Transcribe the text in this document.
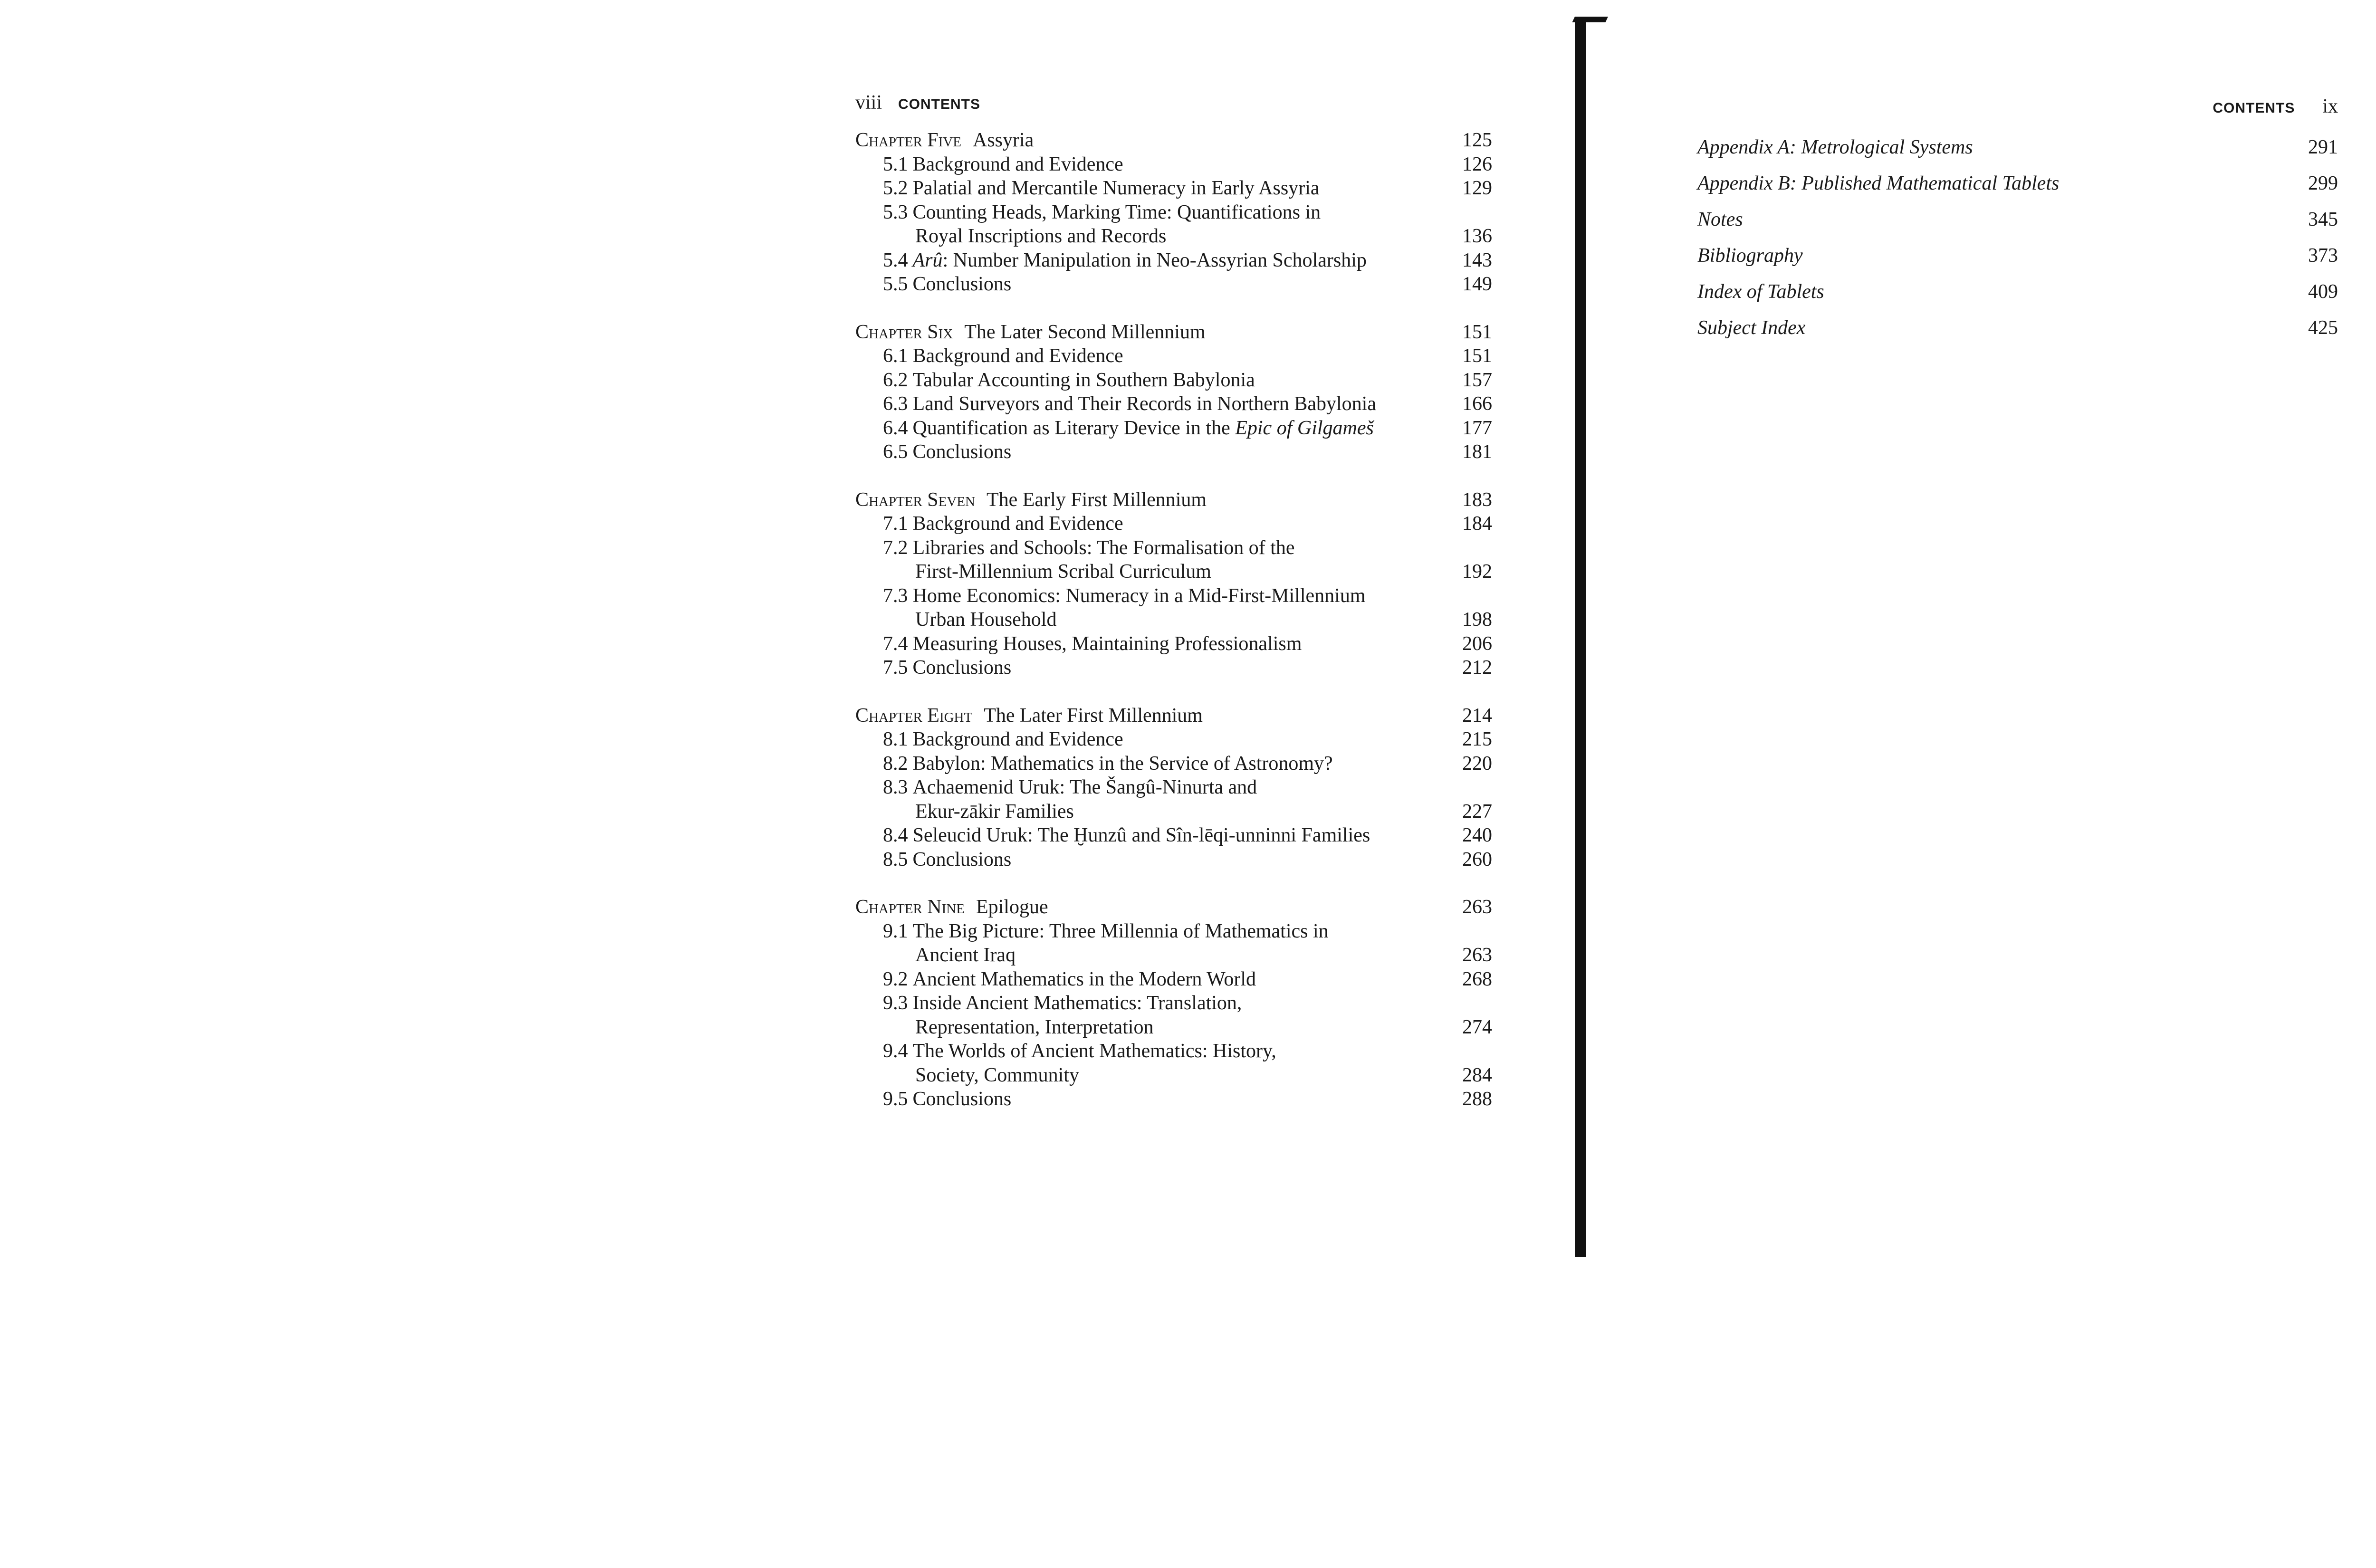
viii CONTENTS
Chapter Five Assyria	125
5.1 Background and Evidence	126
5.2 Palatial and Mercantile Numeracy in Early Assyria	129
5.3 Counting Heads, Marking Time: Quantifications in
Royal Inscriptions and Records	136
5.4 Arû: Number Manipulation in Neo-Assyrian Scholarship	143
5.5 Conclusions	149
Chapter Six The Later Second Millennium	151
6.1 Background and Evidence	151
6.2 Tabular Accounting in Southern Babylonia	157
6.3 Land Surveyors and Their Records in Northern Babylonia	166
6.4 Quantification as Literary Device in the Epic of Gilgameš	177
6.5 Conclusions	181
Chapter Seven The Early First Millennium	183
7.1 Background and Evidence	184
7.2 Libraries and Schools: The Formalisation of the
First-Millennium Scribal Curriculum	192
7.3 Home Economics: Numeracy in a Mid-First-Millennium
Urban Household	198
7.4 Measuring Houses, Maintaining Professionalism	206
7.5 Conclusions	212
Chapter Eight The Later First Millennium	214
8.1 Background and Evidence	215
8.2 Babylon: Mathematics in the Service of Astronomy?	220
8.3 Achaemenid Uruk: The Šangû-Ninurta and
Ekur-zākir Families	227
8.4 Seleucid Uruk: The Ḫunzû and Sîn-lēqi-unninni Families	240
8.5 Conclusions	260
Chapter Nine Epilogue	263
9.1 The Big Picture: Three Millennia of Mathematics in
Ancient Iraq	263
9.2 Ancient Mathematics in the Modern World	268
9.3 Inside Ancient Mathematics: Translation,
Representation, Interpretation	274
9.4 The Worlds of Ancient Mathematics: History,
Society, Community	284
9.5 Conclusions	288
CONTENTS ix
Appendix A: Metrological Systems	291
Appendix B: Published Mathematical Tablets	299
Notes	345
Bibliography	373
Index of Tablets	409
Subject Index	425
